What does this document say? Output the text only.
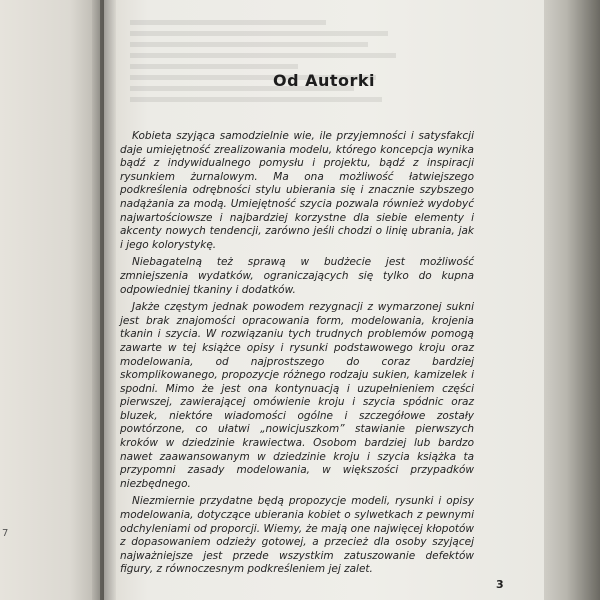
7
Od Autorki

Kobieta szyjąca samodzielnie wie, ile przyjemności i satysfakcji daje umiejętność zrealizowania modelu, którego koncepcja wynika bądź z indywidualnego pomysłu i projektu, bądź z inspiracji rysunkiem żurnalowym. Ma ona możliwość łatwiejszego podkreślenia odrębności stylu ubierania się i znacznie szybszego nadążania za modą. Umiejętność szycia pozwala również wydobyć najwartościowsze i najbardziej korzystne dla siebie elementy i akcenty nowych tendencji, zarówno jeśli chodzi o linię ubrania, jak i jego kolorystykę.

Niebagatelną też sprawą w budżecie jest możliwość zmniejszenia wydatków, ograniczających się tylko do kupna odpowiedniej tkaniny i dodatków.

Jakże częstym jednak powodem rezygnacji z wymarzonej sukni jest brak znajomości opracowania form, modelowania, krojenia tkanin i szycia. W rozwiązaniu tych trudnych problemów pomogą zawarte w tej książce opisy i rysunki podstawowego kroju oraz modelowania, od najprostszego do coraz bardziej skomplikowanego, propozycje różnego rodzaju sukien, kamizelek i spodni. Mimo że jest ona kontynuacją i uzupełnieniem części pierwszej, zawierającej omówienie kroju i szycia spódnic oraz bluzek, niektóre wiadomości ogólne i szczegółowe zostały powtórzone, co ułatwi „nowicjuszkom” stawianie pierwszych kroków w dziedzinie krawiectwa. Osobom bardziej lub bardzo nawet zaawansowanym w dziedzinie kroju i szycia książka ta przypomni zasady modelowania, w większości przypadków niezbędnego.

Niezmiernie przydatne będą propozycje modeli, rysunki i opisy modelowania, dotyczące ubierania kobiet o sylwetkach z pewnymi odchyleniami od proporcji. Wiemy, że mają one najwięcej kłopotów z dopasowaniem odzieży gotowej, a przecież dla osoby szyjącej najważniejsze jest przede wszystkim zatuszowanie defektów figury, z równoczesnym podkreśleniem jej zalet.

3
